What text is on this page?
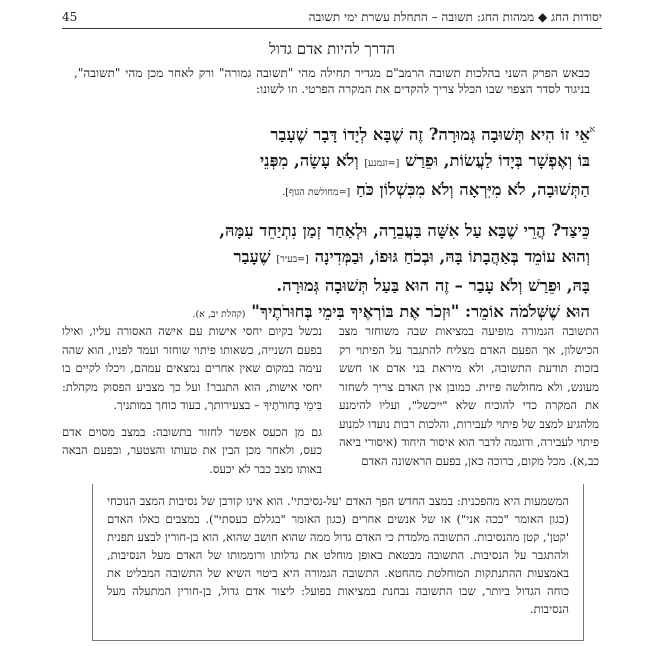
45	יסודות החג ◆ ממהות החג: תשובה – התחלת עשרת ימי תשובה
הדרך להיות אדם גדול
כבאש הפרק השני בהלכות תשובה הרמב"ם מגדיר תחילה מהי "תשובה גמורה" ורק לאחר מכן מהי "תשובה", בניגוד לסדר הצפוי שבו הכלל צריך להקדים את המקרה הפרטי. וזו לשונו:
א
אֵי זוֹ הִיא תְּשׁוּבָה גְּמוּרָה? זֶה שֶׁבָּא לְיָדוֹ דָּבָר שֶׁעָבַר
בּוֹ וְאֶפְשָׁר בְּיָדוֹ לַעֲשׂוֹת, וּפֵרַשׁ [=ונמנע] וְלֹא עָשָׂה, מִפְּנֵי
הַתְּשׁוּבָה, לֹא מִיִּרְאָה וְלֹא מִכִּשְׁלוֹן כֹּחַ [=מחולשת הגוף].
כֵּיצַד? הֲרֵי שֶׁבָּא עַל אִשָּׁה בַּעֲבֵרָה, וּלְאַחַר זְמַן נִתְיַחֵד עִמָּהּ,
וְהוּא עוֹמֵד בְּאַהֲבָתוֹ בָּהּ, וּבְכֹחַ גּוּפוֹ, וּבַמְּדִינָה [=בעיר] שֶׁעָבַר
בָּהּ, וּפֵרַשׁ וְלֹא עָבַר – זֶה הוּא בַּעַל תְּשׁוּבָה גְּמוּרָה.
הוּא שֶׁשְּׁלֹמֹה אוֹמֵר: "וּזְכֹר אֶת בּוֹרְאֶיךָ בִּימֵי בְּחוּרֹתֶיךָ" (קהלת יב, א).
התשובה הגמורה מופיעה במציאות שבה משוחזר מצב הכישלון, אך הפעם האדם מצליח להתגבר על הפיתוי רק בזכות תודעת התשובה, ולא מיראת בני אדם או חשש מעונש, ולא מחולשה פיזית. כמובן אין האדם צריך לשחזר את המקרה כדי להוכיח שלא "ייכשל", ועליו להימנע מלהגיע למצב של פיתוי לעבירות, והלכות רבות נועדו למנוע פיתוי לעבירה, ודוגמה לדבר הוא איסור היחוד (איסורי ביאה כב,א). מכל מקום, ברוכה כאן, בפעם הראשונה האדם

נכשל בקיום יחסי אישות עם אישה האסורה עליו, ואילו בפעם השנייה, כשאותו פיתוי שוחזר ועמד לפניו, הוא שהה עימה במקום שאין אחרים נמצאים עמהם, ויכלו לקיים בו יחסי אישות, הוא התגבר! ועל כך מצביע הפסוק מקהלת: בִּימֵי בְּחוּרֹתֶיךָ – בצעירותך, בעוד כוחך במותניך.

גם מן הכעס אפשר לחזור בתשובה: במצב מסוים אדם כעס, ולאחר מכן הבין את טעותו והצטער, ובפעם הבאה באותו מצב כבר לא יכעס.

המשמעות היא מהפכנית: במצב החדש הפך האדם 'על-נסיבתי'. הוא אינו קורבן של נסיבות המצב הנוכחי (כגון האומר "ככה אני") או של אנשים אחרים (כגון האומר "בגללם כעסתי"). במצבים כאלו האדם 'קטן', קטן מהנסיבות. התשובה מלמדת כי האדם גדול ממה שהוא חושב שהוא, הוא בן-חורין לבצע תפנית ולהתגבר על הנסיבות. התשובה מבטאת באופן מוחלט את גדלותו ורוממותו של האדם מעל הנסיבות, באמצעות ההתנתקות המוחלטת מהחטא. התשובה הגמורה היא ביטוי השיא של התשובה המבליט את כוחה הגדול ביותר, שבו התשובה נבחנת במציאות בפועל: ליצור אדם גדול, בן-חורין המתעלה מעל הנסיבות.
